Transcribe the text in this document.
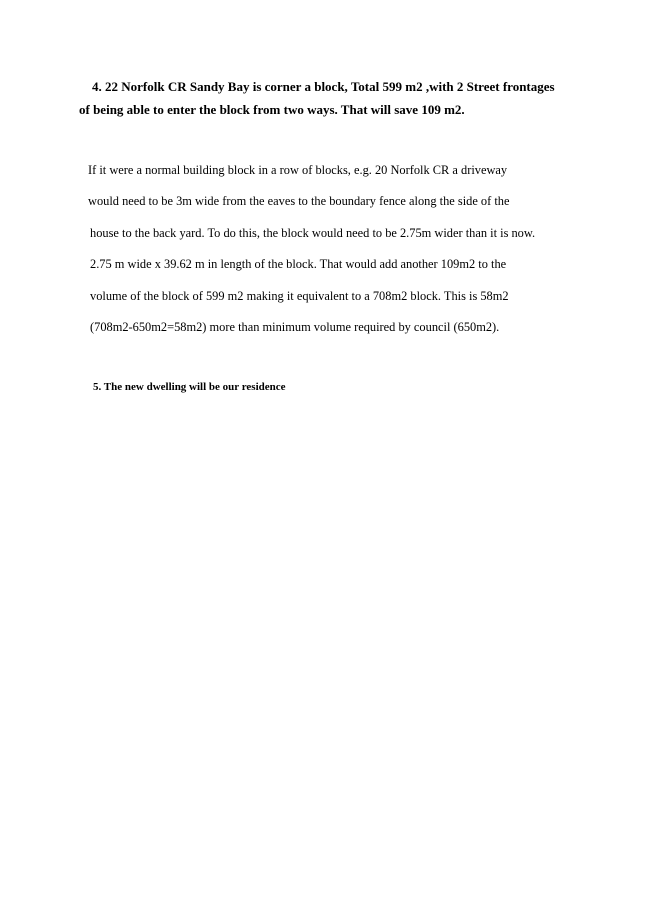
4. 22 Norfolk CR Sandy Bay is corner a block, Total 599 m2 ,with 2 Street frontages

of being able to enter the block from two ways. That will save 109 m2.

If it were a normal building block in a row of blocks, e.g. 20 Norfolk CR a driveway

would need to be 3m wide from the eaves to the boundary fence along the side of the

house to the back yard. To do this, the block would need to be 2.75m wider than it is now.

2.75 m wide x 39.62 m in length of the block. That would add another 109m2 to the

volume of the block of 599 m2 making it equivalent to a 708m2 block. This is 58m2

(708m2-650m2=58m2) more than minimum volume required by council (650m2).

5. The new dwelling will be our residence
